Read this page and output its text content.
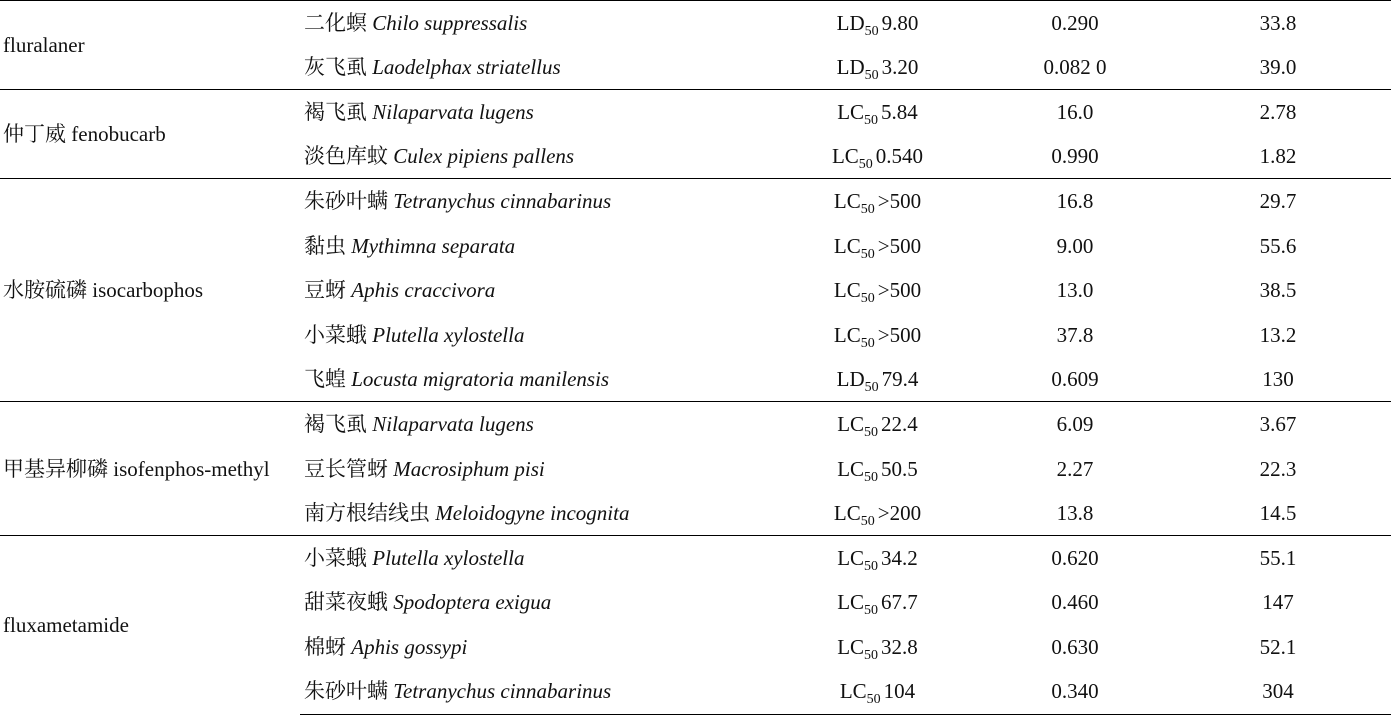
fluralaner	二化螟 Chilo suppressalis	$LD_{50}$ 9.80	0.290	33.8
	灰飞虱 Laodelphax striatellus	$LD_{50}$ 3.20	0.082 0	39.0
仲丁威 fenobucarb	褐飞虱 Nilaparvata lugens	$LC_{50}$ 5.84	16.0	2.78
	淡色库蚊 Culex pipiens pallens	$LC_{50}$ 0.540	0.990	1.82
水胺硫磷 isocarbophos	朱砂叶螨 Tetranychus cinnabarinus	$LC_{50} >500$	16.8	29.7
	黏虫 Mythimna separata	$LC_{50} >500$	9.00	55.6
	豆蚜 Aphis craccivora	$LC_{50} >500$	13.0	38.5
	小菜蛾 Plutella xylostella	$LC_{50} >500$	37.8	13.2
	飞蝗 Locusta migratoria manilensis	$LD_{50}$ 79.4	0.609	130
甲基异柳磷 isofenphos-methyl	褐飞虱 Nilaparvata lugens	$LC_{50}$ 22.4	6.09	3.67
	豆长管蚜 Macrosiphum pisi	$LC_{50}$ 50.5	2.27	22.3
	南方根结线虫 Meloidogyne incognita	$LC_{50} >200$	13.8	14.5
fluxametamide	小菜蛾 Plutella xylostella	$LC_{50}$ 34.2	0.620	55.1
	甜菜夜蛾 Spodoptera exigua	$LC_{50}$ 67.7	0.460	147
	棉蚜 Aphis gossypi	$LC_{50}$ 32.8	0.630	52.1
	朱砂叶螨 Tetranychus cinnabarinus	$LC_{50}$ 104	0.340	304
